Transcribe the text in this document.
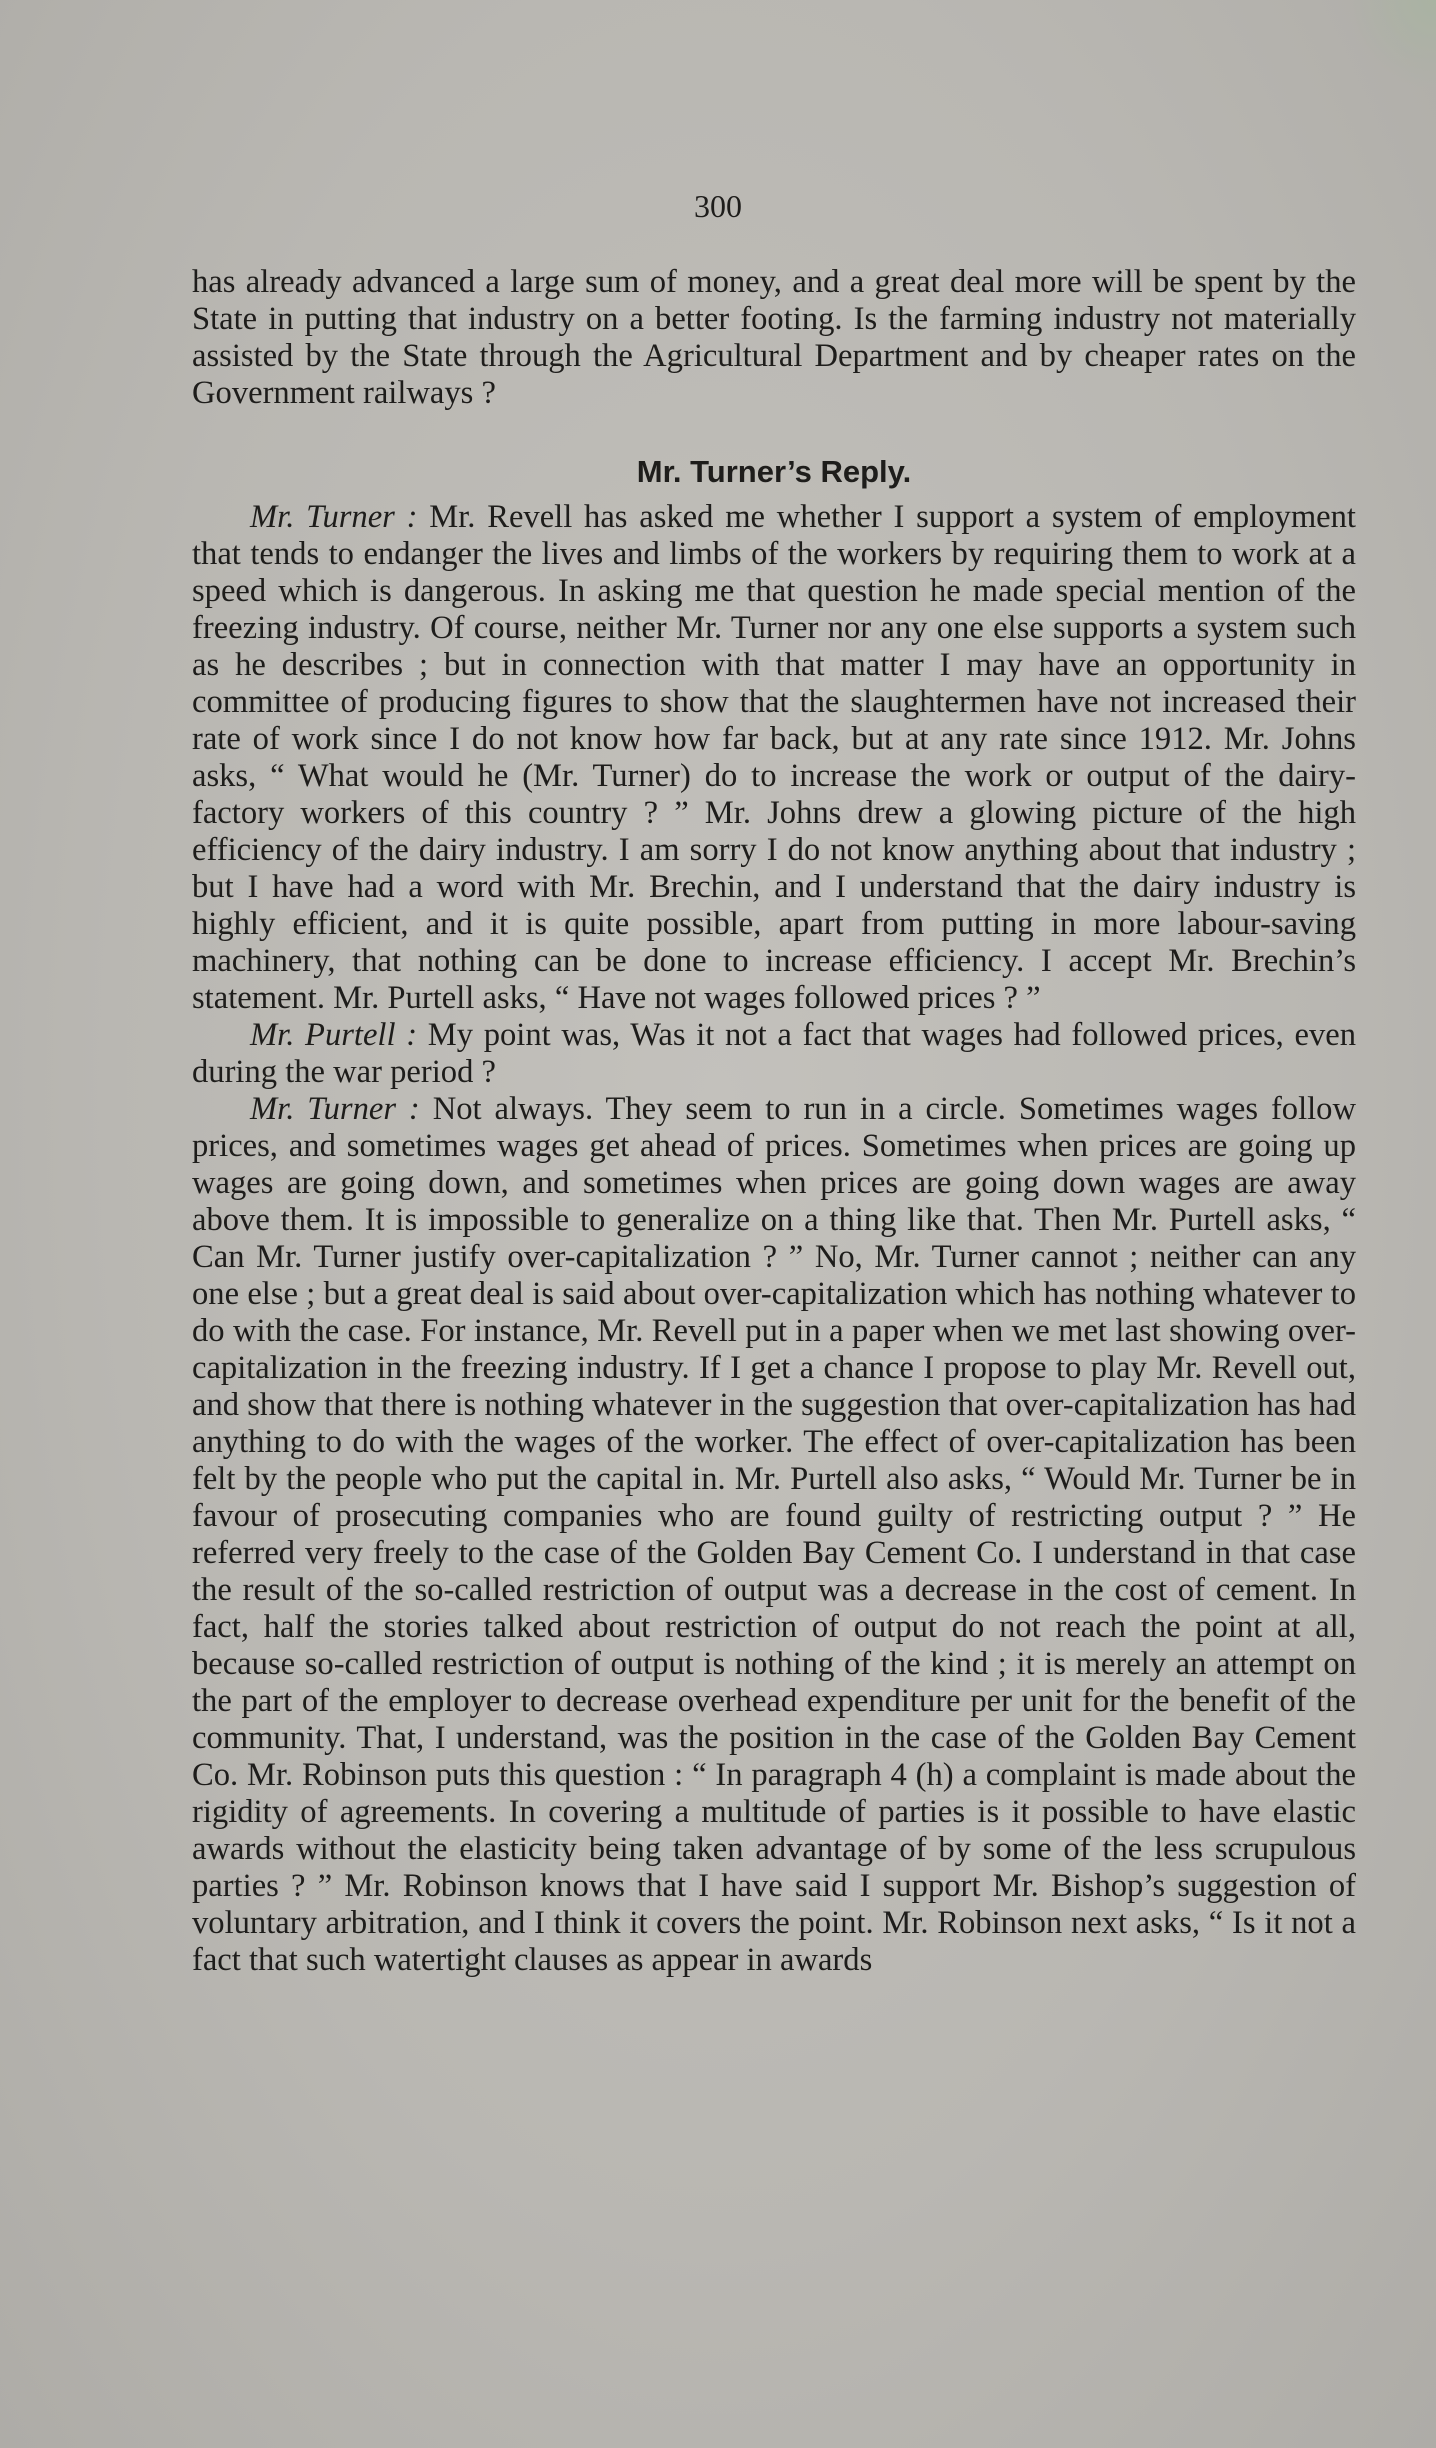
300

has already advanced a large sum of money, and a great deal more will be spent by the State in putting that industry on a better footing. Is the farming industry not materially assisted by the State through the Agricultural Department and by cheaper rates on the Government railways ?

Mr. Turner’s Reply.

Mr. Turner : Mr. Revell has asked me whether I support a system of employment that tends to endanger the lives and limbs of the workers by requiring them to work at a speed which is dangerous. In asking me that question he made special mention of the freezing industry. Of course, neither Mr. Turner nor any one else supports a system such as he describes ; but in connection with that matter I may have an opportunity in committee of producing figures to show that the slaughtermen have not increased their rate of work since I do not know how far back, but at any rate since 1912. Mr. Johns asks, “ What would he (Mr. Turner) do to increase the work or output of the dairy-factory workers of this country ? ” Mr. Johns drew a glowing picture of the high efficiency of the dairy industry. I am sorry I do not know anything about that industry ; but I have had a word with Mr. Brechin, and I understand that the dairy industry is highly efficient, and it is quite possible, apart from putting in more labour-saving machinery, that nothing can be done to increase efficiency. I accept Mr. Brechin’s statement. Mr. Purtell asks, “ Have not wages followed prices ? ”

Mr. Purtell : My point was, Was it not a fact that wages had followed prices, even during the war period ?

Mr. Turner : Not always. They seem to run in a circle. Sometimes wages follow prices, and sometimes wages get ahead of prices. Sometimes when prices are going up wages are going down, and sometimes when prices are going down wages are away above them. It is impossible to generalize on a thing like that. Then Mr. Purtell asks, “ Can Mr. Turner justify over-capitalization ? ” No, Mr. Turner cannot ; neither can any one else ; but a great deal is said about over-capitalization which has nothing whatever to do with the case. For instance, Mr. Revell put in a paper when we met last showing over-capitalization in the freezing industry. If I get a chance I propose to play Mr. Revell out, and show that there is nothing whatever in the suggestion that over-capitalization has had anything to do with the wages of the worker. The effect of over-capitalization has been felt by the people who put the capital in. Mr. Purtell also asks, “ Would Mr. Turner be in favour of prosecuting companies who are found guilty of restricting output ? ” He referred very freely to the case of the Golden Bay Cement Co. I understand in that case the result of the so-called restriction of output was a decrease in the cost of cement. In fact, half the stories talked about restriction of output do not reach the point at all, because so-called restriction of output is nothing of the kind ; it is merely an attempt on the part of the employer to decrease overhead expenditure per unit for the benefit of the community. That, I understand, was the position in the case of the Golden Bay Cement Co. Mr. Robinson puts this question : “ In paragraph 4 (h) a complaint is made about the rigidity of agreements. In covering a multitude of parties is it possible to have elastic awards without the elasticity being taken advantage of by some of the less scrupulous parties ? ” Mr. Robinson knows that I have said I support Mr. Bishop’s suggestion of voluntary arbitration, and I think it covers the point. Mr. Robinson next asks, “ Is it not a fact that such watertight clauses as appear in awards
